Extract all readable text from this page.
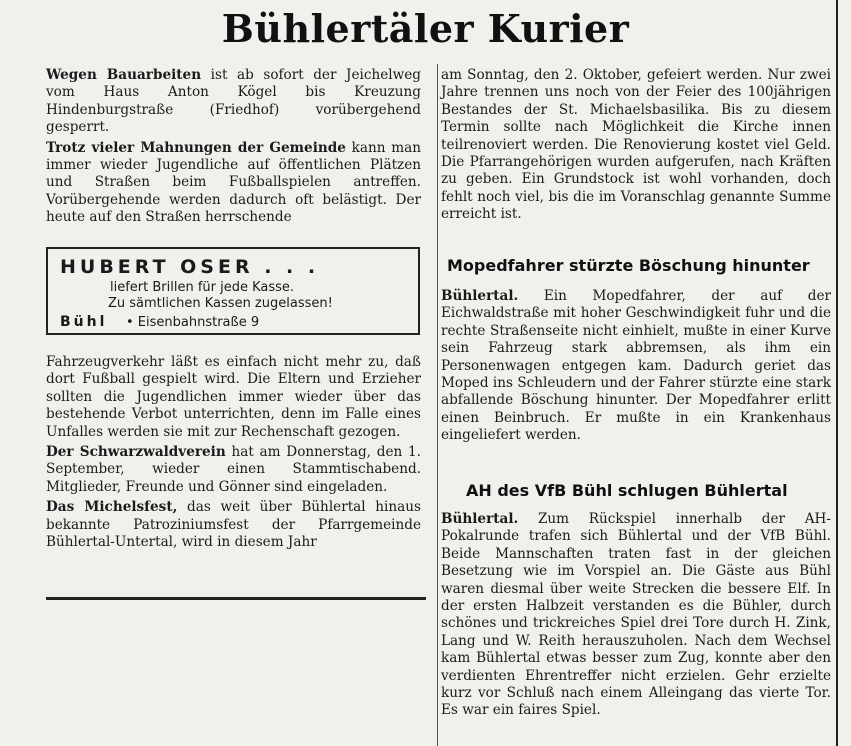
Bühlertäler Kurier

Wegen Bauarbeiten ist ab sofort der Jeichelweg vom Haus Anton Kögel bis Kreuzung Hindenburgstraße (Friedhof) vorübergehend gesperrt.

Trotz vieler Mahnungen der Gemeinde kann man immer wieder Jugendliche auf öffentlichen Plätzen und Straßen beim Fußballspielen antreffen. Vorübergehende werden dadurch oft belästigt. Der heute auf den Straßen herrschende

HUBERT OSER . . .
liefert Brillen für jede Kasse.
Zu sämtlichen Kassen zugelassen!
Bühl • Eisenbahnstraße 9

Fahrzeugverkehr läßt es einfach nicht mehr zu, daß dort Fußball gespielt wird. Die Eltern und Erzieher sollten die Jugendlichen immer wieder über das bestehende Verbot unterrichten, denn im Falle eines Unfalles werden sie mit zur Rechenschaft gezogen.

Der Schwarzwaldverein hat am Donnerstag, den 1. September, wieder einen Stammtischabend. Mitglieder, Freunde und Gönner sind eingeladen.

Das Michelsfest, das weit über Bühlertal hinaus bekannte Patroziniumsfest der Pfarrgemeinde Bühlertal-Untertal, wird in diesem Jahr

am Sonntag, den 2. Oktober, gefeiert werden. Nur zwei Jahre trennen uns noch von der Feier des 100jährigen Bestandes der St. Michaelsbasilika. Bis zu diesem Termin sollte nach Möglichkeit die Kirche innen teilrenoviert werden. Die Renovierung kostet viel Geld. Die Pfarrangehörigen wurden aufgerufen, nach Kräften zu geben. Ein Grundstock ist wohl vorhanden, doch fehlt noch viel, bis die im Voranschlag genannte Summe erreicht ist.

Mopedfahrer stürzte Böschung hinunter

Bühlertal. Ein Mopedfahrer, der auf der Eichwaldstraße mit hoher Geschwindigkeit fuhr und die rechte Straßenseite nicht einhielt, mußte in einer Kurve sein Fahrzeug stark abbremsen, als ihm ein Personenwagen entgegen kam. Dadurch geriet das Moped ins Schleudern und der Fahrer stürzte eine stark abfallende Böschung hinunter. Der Mopedfahrer erlitt einen Beinbruch. Er mußte in ein Krankenhaus eingeliefert werden.

AH des VfB Bühl schlugen Bühlertal

Bühlertal. Zum Rückspiel innerhalb der AH-Pokalrunde trafen sich Bühlertal und der VfB Bühl. Beide Mannschaften traten fast in der gleichen Besetzung wie im Vorspiel an. Die Gäste aus Bühl waren diesmal über weite Strecken die bessere Elf. In der ersten Halbzeit verstanden es die Bühler, durch schönes und trickreiches Spiel drei Tore durch H. Zink, Lang und W. Reith herauszuholen. Nach dem Wechsel kam Bühlertal etwas besser zum Zug, konnte aber den verdienten Ehrentreffer nicht erzielen. Gehr erzielte kurz vor Schluß nach einem Alleingang das vierte Tor. Es war ein faires Spiel.
